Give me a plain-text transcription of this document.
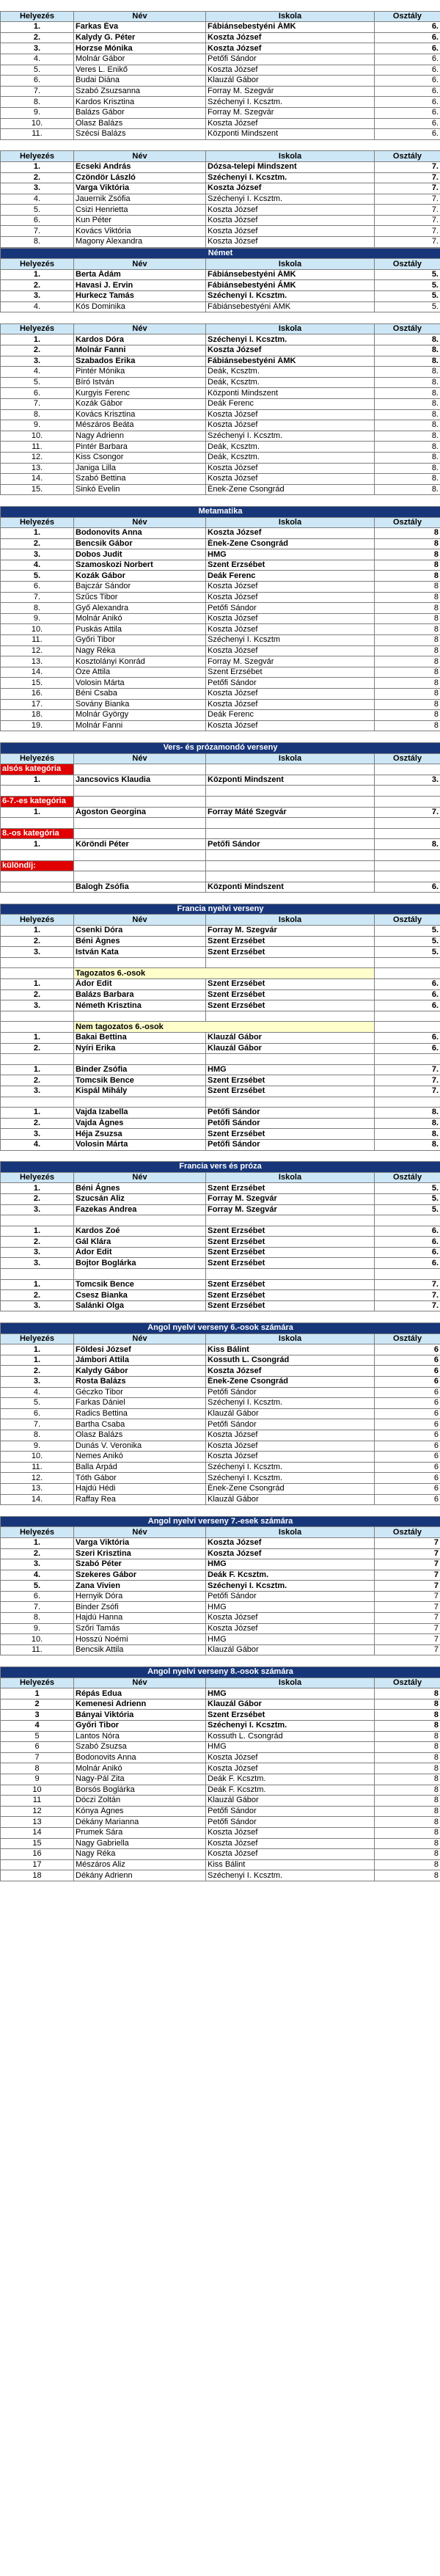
Helyezés	Név	Iskola	Osztály
1.	Farkas Éva	Fábiánsebestyéni ÁMK	6.
2.	Kalydy G. Péter	Koszta József	6.
3.	Horzse Mónika	Koszta József	6.
4.	Molnár Gábor	Petőfi Sándor	6.
5.	Veres L. Enikő	Koszta József	6.
6.	Budai Diána	Klauzál Gábor	6.
7.	Szabó Zsuzsanna	Forray M. Szegvár	6.
8.	Kardos Krisztina	Széchenyi I. Kcsztm.	6.
9.	Balázs Gábor	Forray M. Szegvár	6.
10.	Olasz Balázs	Koszta József	6.
11.	Szécsi Balázs	Központi Mindszent	6.
Helyezés	Név	Iskola	Osztály
1.	Ecseki András	Dózsa-telepi Mindszent	7.
2.	Czöndör László	Széchenyi I. Kcsztm.	7.
3.	Varga Viktória	Koszta József	7.
4.	Jauernik Zsófia	Széchenyi I. Kcsztm.	7.
5.	Csizi Henrietta	Koszta József	7.
6.	Kun Péter	Koszta József	7.
7.	Kovács Viktória	Koszta József	7.
8.	Magony Alexandra	Koszta József	7.
Német			
Helyezés	Név	Iskola	Osztály
1.	Berta Ádám	Fábiánsebestyéni ÁMK	5.
2.	Havasi J. Ervin	Fábiánsebestyéni ÁMK	5.
3.	Hurkecz Tamás	Széchenyi I. Kcsztm.	5.
4.	Kós Dominika	Fábiánsebestyéni ÁMK	5.
Helyezés	Név	Iskola	Osztály
1.	Kardos Dóra	Széchenyi I. Kcsztm.	8.
2.	Molnár Fanni	Koszta József	8.
3.	Szabados Erika	Fábiánsebestyéni ÁMK	8.
4.	Pintér Mónika	Deák, Kcsztm.	8.
5.	Bíró István	Deák, Kcsztm.	8.
6.	Kurgyis Ferenc	Központi Mindszent	8.
7.	Kozák Gábor	Deák Ferenc	8.
8.	Kovács Krisztina	Koszta József	8.
9.	Mészáros Beáta	Koszta József	8.
10.	Nagy Adrienn	Széchenyi I. Kcsztm.	8.
11.	Pintér Barbara	Deák, Kcsztm.	8.
12.	Kiss Csongor	Deák, Kcsztm.	8.
13.	Janiga Lilla	Koszta József	8.
14.	Szabó Bettina	Koszta József	8.
15.	Sinkó Evelin	Ének-Zene Csongrád	8.
Metamatika			
Helyezés	Név	Iskola	Osztály
1.	Bodonovits Anna	Koszta József	8
2.	Bencsik Gábor	Ének-Zene Csongrád	8
3.	Dobos Judit	HMG	8
4.	Szamoskozi Norbert	Szent Erzsébet	8
5.	Kozák Gábor	Deák Ferenc	8
6.	Bajczár Sándor	Koszta József	8
7.	Szűcs Tibor	Koszta József	8
8.	Győ Alexandra	Petőfi Sándor	8
9.	Molnár Anikó	Koszta József	8
10.	Puskás Attila	Koszta József	8
11.	Győri Tibor	Széchenyi I. Kcsztm	8
12.	Nagy Réka	Koszta József	8
13.	Kosztolányi Konrád	Forray M. Szegvár	8
14.	Óze Attila	Szent Erzsébet	8
15.	Volosin Márta	Petőfi Sándor	8
16.	Béni Csaba	Koszta József	8
17.	Sovány Bianka	Koszta József	8
18.	Molnár György	Deák Ferenc	8
19.	Molnár Fanni	Koszta József	8
Vers- és prózamondó verseny			
Helyezés	Név	Iskola	Osztály
alsós kategória			
1.	Jancsovics Klaudia	Központi Mindszent	3.

6-7.-es kategória			
1.	Ágoston Georgina	Forray Máté Szegvár	7.

8.-os kategória			
1.	Köröndi Péter	Petőfi Sándor	8.

különdíj:			

	Balogh Zsófia	Központi Mindszent	6.
Francia nyelvi verseny			
Helyezés	Név	Iskola	Osztály
1.	Csenki Dóra	Forray M. Szegvár	5.
2.	Béni Ágnes	Szent Erzsébet	5.
3.	István Kata	Szent Erzsébet	5.

	Tagozatos 6.-osok		
1.	Ádor Edit	Szent Erzsébet	6.
2.	Balázs Barbara	Szent Erzsébet	6.
3.	Németh Krisztina	Szent Erzsébet	6.

	Nem tagozatos 6.-osok		
1.	Bakai Bettina	Klauzál Gábor	6.
2.	Nyíri Erika	Klauzál Gábor	6.

1.	Binder Zsófia	HMG	7.
2.	Tomcsik Bence	Szent Erzsébet	7.
3.	Kispál Mihály	Szent Erzsébet	7.

1.	Vajda Izabella	Petőfi Sándor	8.
2.	Vajda Ágnes	Petőfi Sándor	8.
3.	Héja Zsuzsa	Szent Erzsébet	8.
4.	Volosin Márta	Petőfi Sándor	8.
Francia vers és próza			
Helyezés	Név	Iskola	Osztály
1.	Béni Ágnes	Szent Erzsébet	5.
2.	Szucsán Aliz	Forray M. Szegvár	5.
3.	Fazekas Andrea	Forray M. Szegvár	5.

1.	Kardos Zoé	Szent Erzsébet	6.
2.	Gál Klára	Szent Erzsébet	6.
3.	Ádor Edit	Szent Erzsébet	6.
3.	Bojtor Boglárka	Szent Erzsébet	6.

1.	Tomcsik Bence	Szent Erzsébet	7.
2.	Csesz Bianka	Szent Erzsébet	7.
3.	Salánki Olga	Szent Erzsébet	7.
Angol nyelvi verseny 6.-osok számára			
Helyezés	Név	Iskola	Osztály
1.	Földesi József	Kiss Bálint	6
1.	Jámbori Attila	Kossuth L. Csongrád	6
2.	Kalydy Gábor	Koszta József	6
3.	Rosta Balázs	Ének-Zene Csongrád	6
4.	Géczko Tibor	Petőfi Sándor	6
5.	Farkas Dániel	Széchenyi I. Kcsztm.	6
6.	Radics Bettina	Klauzál Gábor	6
7.	Bartha Csaba	Petőfi Sándor	6
8.	Olasz Balázs	Koszta József	6
9.	Dunás V. Veronika	Koszta József	6
10.	Nemes Anikó	Koszta József	6
11.	Balla Árpád	Széchenyi I. Kcsztm.	6
12.	Tóth Gábor	Széchenyi I. Kcsztm.	6
13.	Hajdú Hédi	Ének-Zene Csongrád	6
14.	Raffay Rea	Klauzál Gábor	6
Angol nyelvi verseny 7.-esek számára			
Helyezés	Név	Iskola	Osztály
1.	Varga Viktória	Koszta József	7
2.	Szeri Krisztina	Koszta József	7
3.	Szabó Péter	HMG	7
4.	Szekeres Gábor	Deák F. Kcsztm.	7
5.	Zana Vivien	Széchenyi I. Kcsztm.	7
6.	Hernyik Dóra	Petőfi Sándor	7
7.	Binder Zsófi	HMG	7
8.	Hajdú Hanna	Koszta József	7
9.	Szőri Tamás	Koszta József	7
10.	Hosszú Noémi	HMG	7
11.	Bencsik Attila	Klauzál Gábor	7
Angol nyelvi verseny 8.-osok számára			
Helyezés	Név	Iskola	Osztály
1	Répás Edua	HMG	8
2	Kemenesi Adrienn	Klauzál Gábor	8
3	Bányai Viktória	Szent Erzsébet	8
4	Győri Tibor	Széchenyi I. Kcsztm.	8
5	Lantos Nóra	Kossuth L. Csongrád	8
6	Szabó Zsuzsa	HMG	8
7	Bodonovits Anna	Koszta József	8
8	Molnár Anikó	Koszta József	8
9	Nagy-Pál Zita	Deák F. Kcsztm.	8
10	Borsós Boglárka	Deák F. Kcsztm.	8
11	Dóczi Zoltán	Klauzál Gábor	8
12	Kónya Ágnes	Petőfi Sándor	8
13	Dékány Marianna	Petőfi Sándor	8
14	Prumek Sára	Koszta József	8
15	Nagy Gabriella	Koszta József	8
16	Nagy Réka	Koszta József	8
17	Mészáros Aliz	Kiss Bálint	8
18	Dékány Adrienn	Széchenyi I. Kcsztm.	8
